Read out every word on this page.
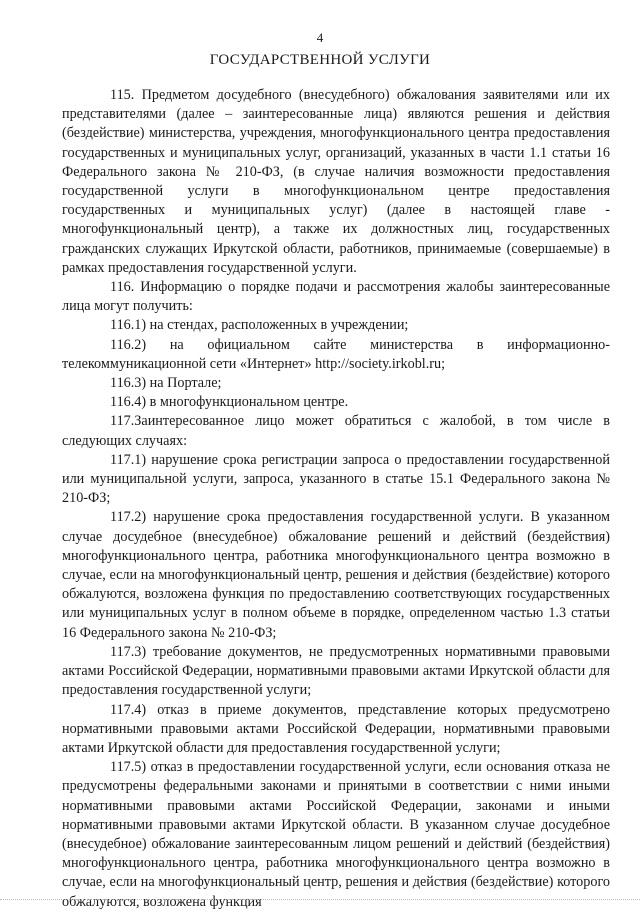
4
ГОСУДАРСТВЕННОЙ УСЛУГИ

115. Предметом досудебного (внесудебного) обжалования заявителями или их представителями (далее – заинтересованные лица) являются решения и действия (бездействие) министерства, учреждения, многофункционального центра предоставления государственных и муниципальных услуг, организаций, указанных в части 1.1 статьи 16 Федерального закона № 210-ФЗ, (в случае наличия возможности предоставления государственной услуги в многофункциональном центре предоставления государственных и муниципальных услуг) (далее в настоящей главе - многофункциональный центр), а также их должностных лиц, государственных гражданских служащих Иркутской области, работников, принимаемые (совершаемые) в рамках предоставления государственной услуги.

116. Информацию о порядке подачи и рассмотрения жалобы заинтересованные лица могут получить:

116.1) на стендах, расположенных в учреждении;

116.2) на официальном сайте министерства в информационно-телекоммуникационной сети «Интернет» http://society.irkobl.ru;

116.3) на Портале;

116.4) в многофункциональном центре.

117.Заинтересованное лицо может обратиться с жалобой, в том числе в следующих случаях:

117.1) нарушение срока регистрации запроса о предоставлении государственной или муниципальной услуги, запроса, указанного в статье 15.1 Федерального закона № 210-ФЗ;

117.2) нарушение срока предоставления государственной услуги. В указанном случае досудебное (внесудебное) обжалование решений и действий (бездействия) многофункционального центра, работника многофункционального центра возможно в случае, если на многофункциональный центр, решения и действия (бездействие) которого обжалуются, возложена функция по предоставлению соответствующих государственных или муниципальных услуг в полном объеме в порядке, определенном частью 1.3 статьи 16 Федерального закона № 210-ФЗ;

117.3) требование документов, не предусмотренных нормативными правовыми актами Российской Федерации, нормативными правовыми актами Иркутской области для предоставления государственной услуги;

117.4) отказ в приеме документов, представление которых предусмотрено нормативными правовыми актами Российской Федерации, нормативными правовыми актами Иркутской области для предоставления государственной услуги;

117.5) отказ в предоставлении государственной услуги, если основания отказа не предусмотрены федеральными законами и принятыми в соответствии с ними иными нормативными правовыми актами Российской Федерации, законами и иными нормативными правовыми актами Иркутской области. В указанном случае досудебное (внесудебное) обжалование заинтересованным лицом решений и действий (бездействия) многофункционального центра, работника многофункционального центра возможно в случае, если на многофункциональный центр, решения и действия (бездействие) которого обжалуются, возложена функция
